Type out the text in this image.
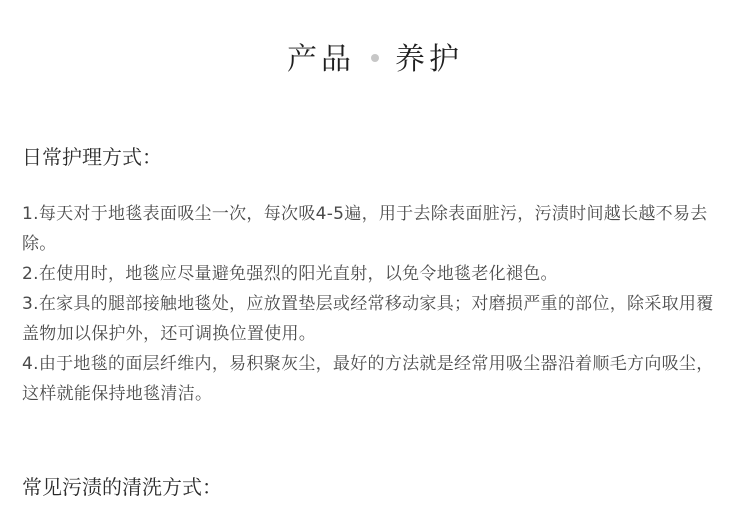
产品 养护
日常护理方式：
1.每天对于地毯表面吸尘一次，每次吸4-5遍，用于去除表面脏污，污渍时间越长越不易去除。
2.在使用时，地毯应尽量避免强烈的阳光直射，以免令地毯老化褪色。
3.在家具的腿部接触地毯处，应放置垫层或经常移动家具；对磨损严重的部位，除采取用覆盖物加以保护外，还可调换位置使用。
4.由于地毯的面层纤维内，易积聚灰尘，最好的方法就是经常用吸尘器沿着顺毛方向吸尘，这样就能保持地毯清洁。
常见污渍的清洗方式：
